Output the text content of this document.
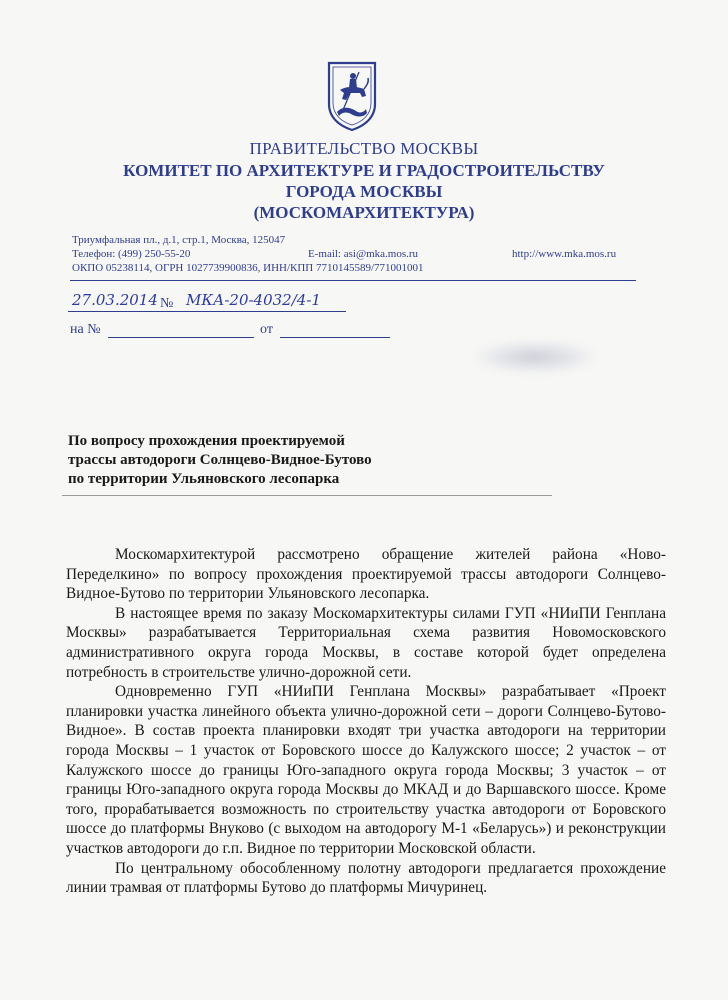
ПРАВИТЕЛЬСТВО МОСКВЫ
КОМИТЕТ ПО АРХИТЕКТУРЕ И ГРАДОСТРОИТЕЛЬСТВУ
ГОРОДА МОСКВЫ
(МОСКОМАРХИТЕКТУРА)
Триумфальная пл., д.1, стр.1, Москва, 125047
Телефон: (499) 250-55-20	E-mail: asi@mka.mos.ru	http://www.mka.mos.ru
ОКПО 05238114, ОГРН 1027739900836, ИНН/КПП 7710145589/771001001
27.03.2014 № МКА-20-4032/4-1
на №	от
По вопросу прохождения проектируемой
трассы автодороги Солнцево-Видное-Бутово
по территории Ульяновского лесопарка

Москомархитектурой рассмотрено обращение жителей района «Ново-Переделкино» по вопросу прохождения проектируемой трассы автодороги Солнцево-Видное-Бутово по территории Ульяновского лесопарка.

В настоящее время по заказу Москомархитектуры силами ГУП «НИиПИ Генплана Москвы» разрабатывается Территориальная схема развития Новомосковского административного округа города Москвы, в составе которой будет определена потребность в строительстве улично-дорожной сети.

Одновременно ГУП «НИиПИ Генплана Москвы» разрабатывает «Проект планировки участка линейного объекта улично-дорожной сети – дороги Солнцево-Бутово-Видное». В состав проекта планировки входят три участка автодороги на территории города Москвы – 1 участок от Боровского шоссе до Калужского шоссе; 2 участок – от Калужского шоссе до границы Юго-западного округа города Москвы; 3 участок – от границы Юго-западного округа города Москвы до МКАД и до Варшавского шоссе. Кроме того, прорабатывается возможность по строительству участка автодороги от Боровского шоссе до платформы Внуково (с выходом на автодорогу М-1 «Беларусь») и реконструкции участков автодороги до г.п. Видное по территории Московской области.

По центральному обособленному полотну автодороги предлагается прохождение линии трамвая от платформы Бутово до платформы Мичуринец.
